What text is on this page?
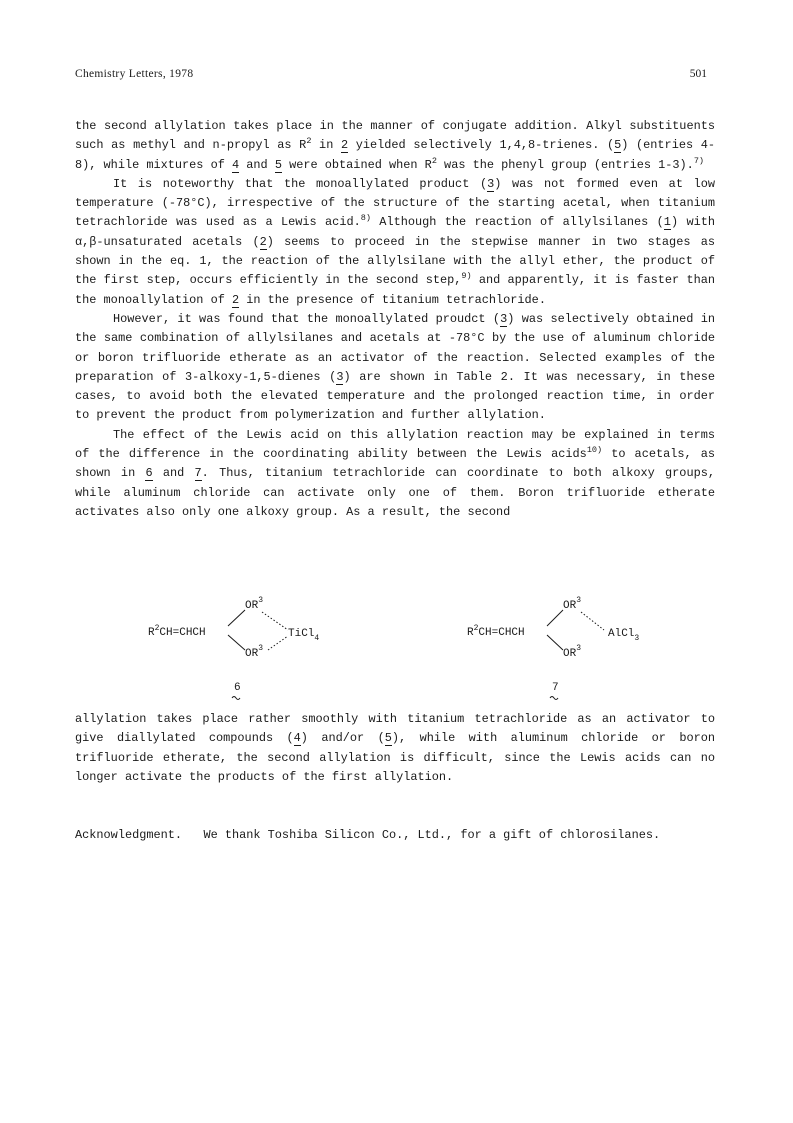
Chemistry Letters, 1978	501

the second allylation takes place in the manner of conjugate addition. Alkyl substituents such as methyl and n-propyl as $R^2$ in 2 yielded selectively 1,4,8-trienes. (5) (entries 4-8), while mixtures of 4 and 5 were obtained when $R^2$ was the phenyl group (entries 1-3).$^{7)}$

It is noteworthy that the monoallylated product (3) was not formed even at low temperature (-78°C), irrespective of the structure of the starting acetal, when titanium tetrachloride was used as a Lewis acid.$^{8)}$ Although the reaction of allylsilanes (1) with α,β-unsaturated acetals (2) seems to proceed in the stepwise manner in two stages as shown in the eq. 1, the reaction of the allylsilane with the allyl ether, the product of the first step, occurs efficiently in the second step,$^{9)}$ and apparently, it is faster than the monoallylation of 2 in the presence of titanium tetrachloride.

However, it was found that the monoallylated proudct (3) was selectively obtained in the same combination of allylsilanes and acetals at -78°C by the use of aluminum chloride or boron trifluoride etherate as an activator of the reaction. Selected examples of the preparation of 3-alkoxy-1,5-dienes (3) are shown in Table 2. It was necessary, in these cases, to avoid both the elevated temperature and the prolonged reaction time, in order to prevent the product from polymerization and further allylation.

The effect of the Lewis acid on this allylation reaction may be explained in terms of the difference in the coordinating ability between the Lewis acids$^{10)}$ to acetals, as shown in 6 and 7. Thus, titanium tetrachloride can coordinate to both alkoxy groups, while aluminum chloride can activate only one of them. Boron trifluoride etherate activates also only one alkoxy group. As a result, the second

$R^2CH=CHCH$
$OR^3$
$OR^3$
TiCl$_4$
6
$R^2CH=CHCH$
$OR^3$
$OR^3$
AlCl$_3$
7

allylation takes place rather smoothly with titanium tetrachloride as an activator to give diallylated compounds (4) and/or (5), while with aluminum chloride or boron trifluoride etherate, the second allylation is difficult, since the Lewis acids can no longer activate the products of the first allylation.

Acknowledgment.   We thank Toshiba Silicon Co., Ltd., for a gift of chlorosilanes.
